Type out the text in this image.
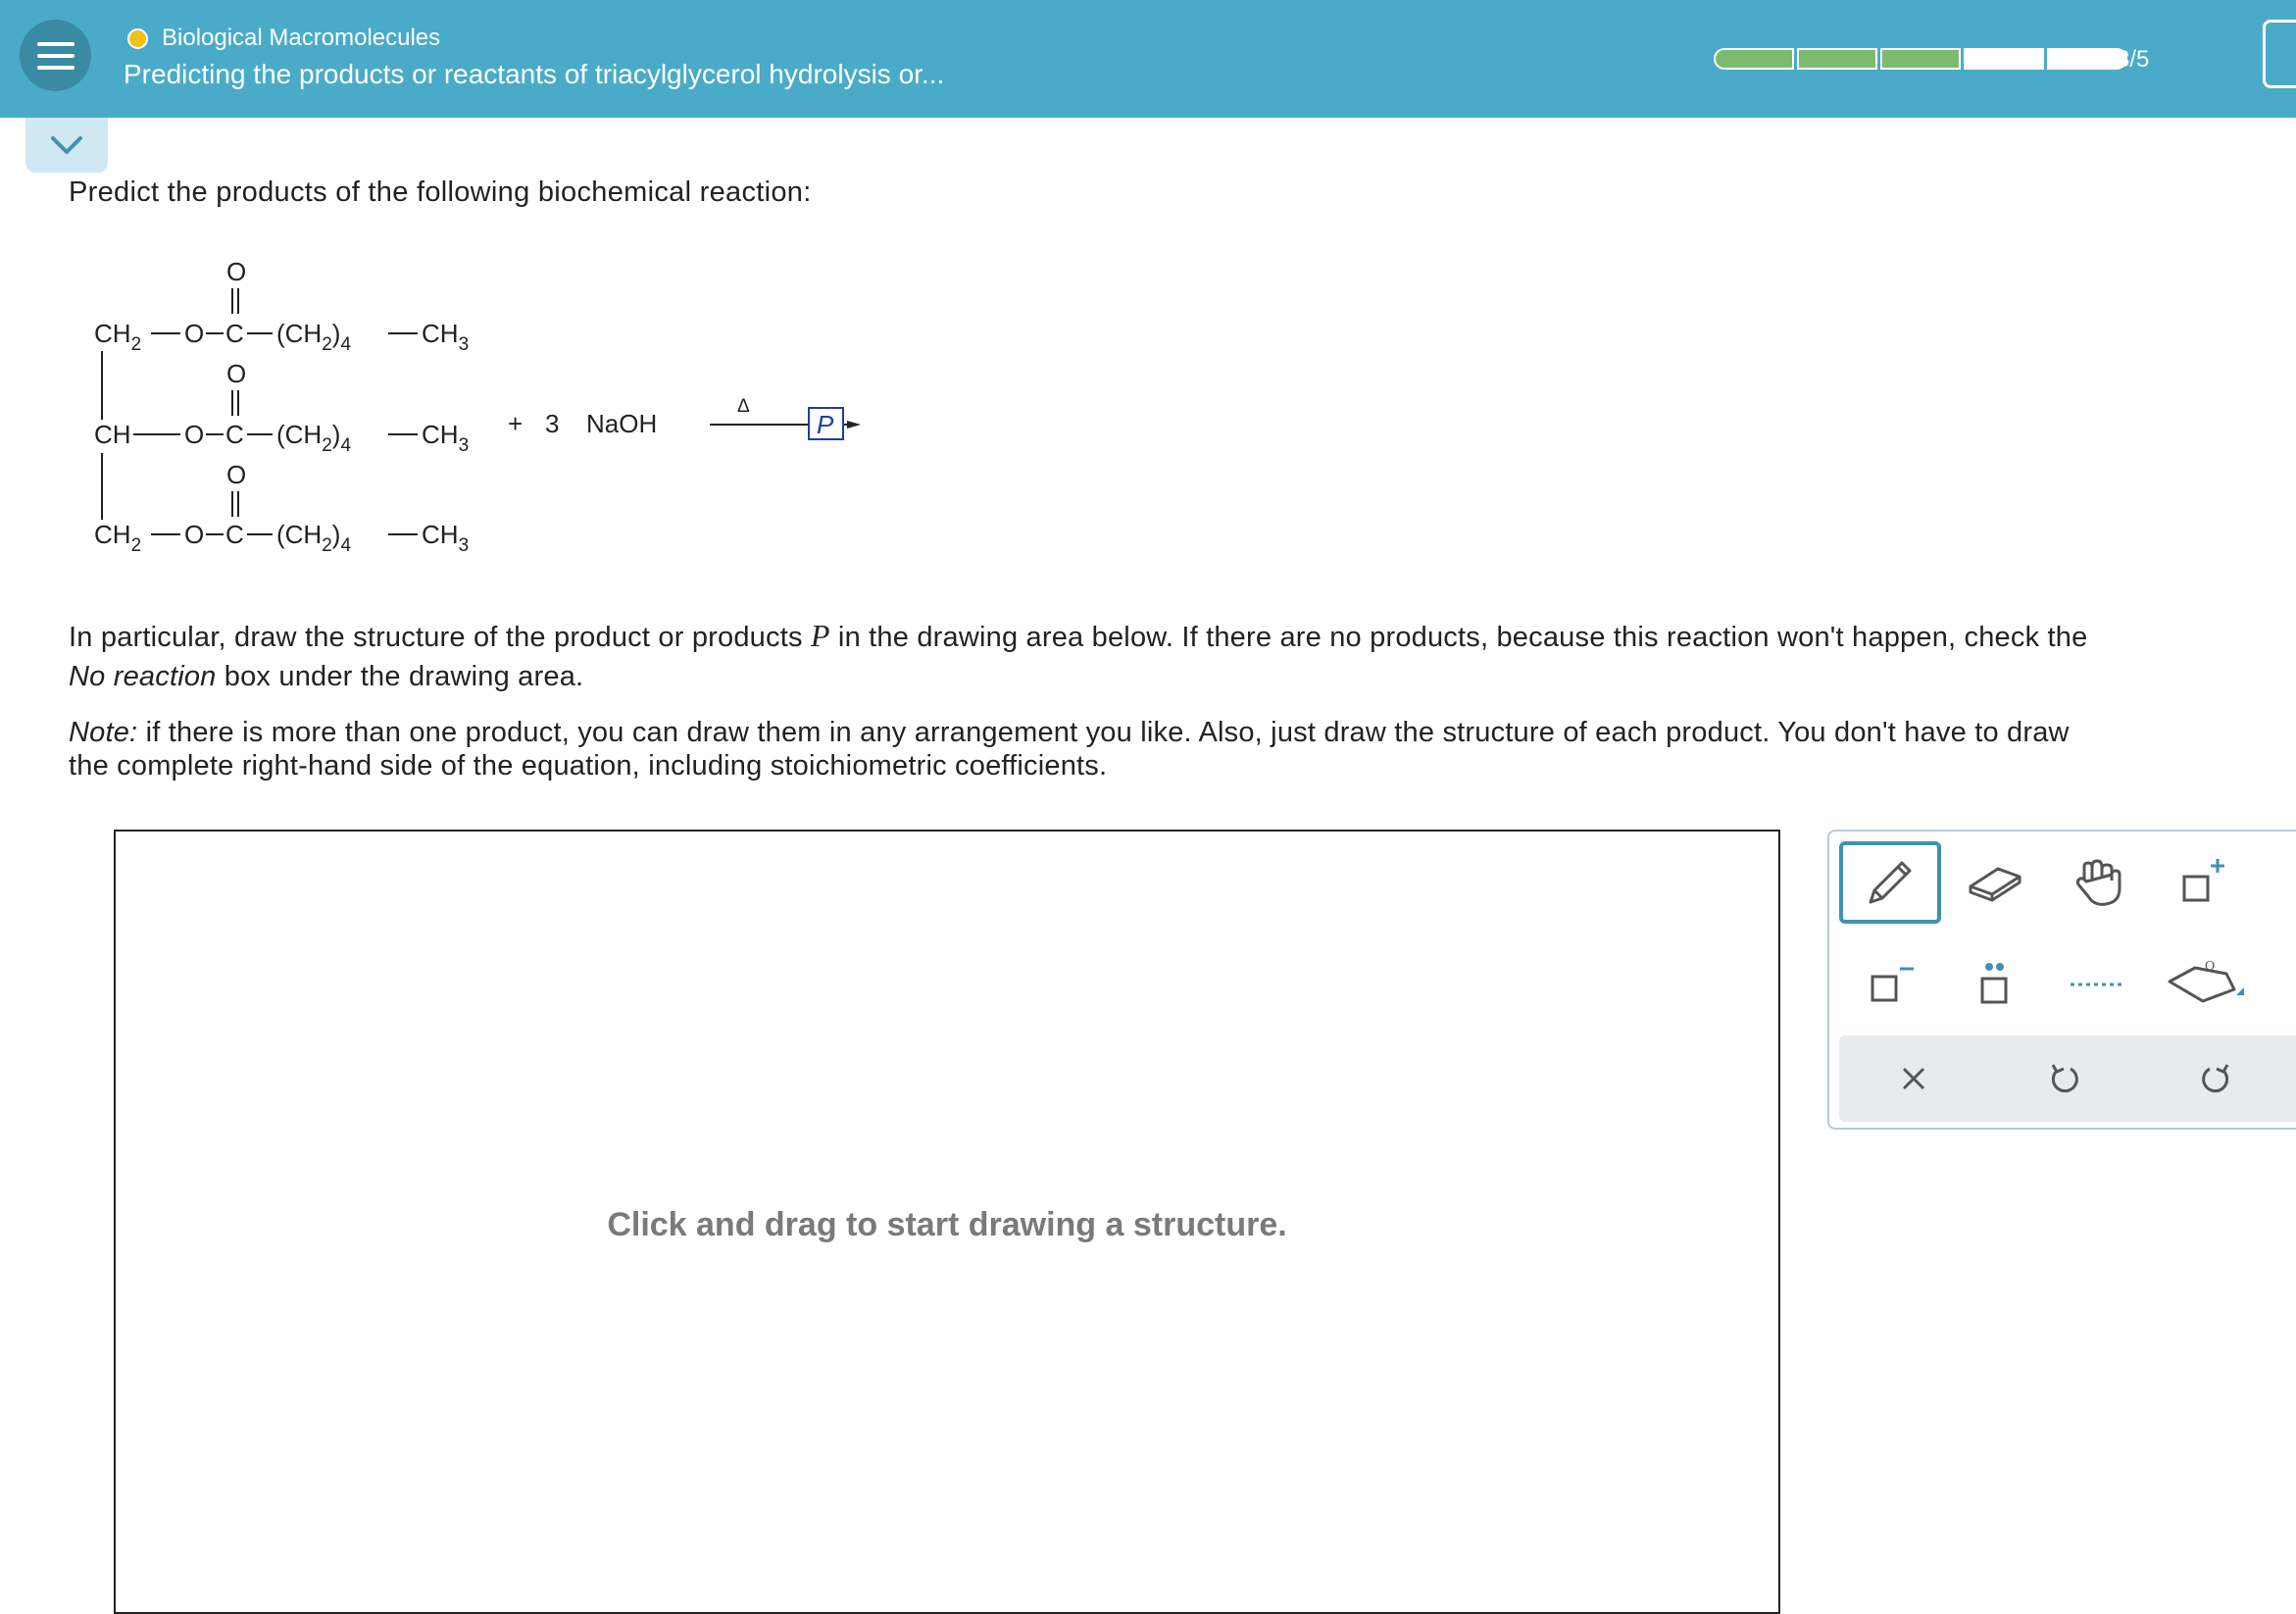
Biological Macromolecules
Predicting the products or reactants of triacylglycerol hydrolysis or...	3/5
Predict the products of the following biochemical reaction:
$CH_2$ O C
O
$(CH_2)_4$	$CH_3$
CH O C
O
$(CH_2)_4$	$CH_3$
$CH_2$ O C
O
$(CH_2)_4$	$CH_3$
+ 3 NaOH
Δ
P
In particular, draw the structure of the product or products P in the drawing area below. If there are no products, because this reaction won't happen, check the
No reaction box under the drawing area.
Note: if there is more than one product, you can draw them in any arrangement you like. Also, just draw the structure of each product. You don't have to draw
the complete right-hand side of the equation, including stoichiometric coefficients.
Click and drag to start drawing a structure.
O
